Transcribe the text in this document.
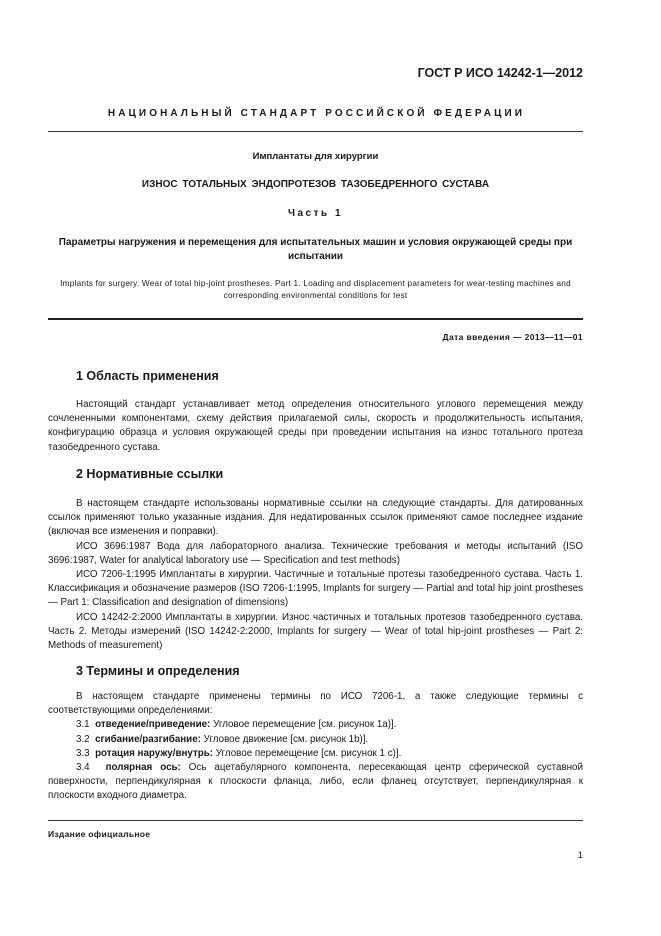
ГОСТ Р ИСО 14242-1—2012
НАЦИОНАЛЬНЫЙ СТАНДАРТ РОССИЙСКОЙ ФЕДЕРАЦИИ
Имплантаты для хирургии
ИЗНОС ТОТАЛЬНЫХ ЭНДОПРОТЕЗОВ ТАЗОБЕДРЕННОГО СУСТАВА
Часть 1
Параметры нагружения и перемещения для испытательных машин и условия окружающей среды при испытании
Implants for surgery. Wear of total hip-joint prostheses. Part 1. Loading and displacement parameters for wear-testing machines and corresponding environmental conditions for test
Дата введения — 2013—11—01
1 Область применения

Настоящий стандарт устанавливает метод определения относительного углового перемещения между сочлененными компонентами, схему действия прилагаемой силы, скорость и продолжительность испытания, конфигурацию образца и условия окружающей среды при проведении испытания на износ тотального протеза тазобедренного сустава.

2 Нормативные ссылки

В настоящем стандарте использованы нормативные ссылки на следующие стандарты. Для датированных ссылок применяют только указанные издания. Для недатированных ссылок применяют самое последнее издание (включая все изменения и поправки).

ИСО 3696:1987 Вода для лабораторного анализа. Технические требования и методы испытаний (ISO 3696:1987, Water for analytical laboratory use — Specification and test methods)

ИСО 7206-1:1995 Имплантаты в хирургии. Частичные и тотальные протезы тазобедренного сустава. Часть 1. Классификация и обозначение размеров (ISO 7206-1:1995, Implants for surgery — Partial and total hip joint prostheses — Part 1: Classification and designation of dimensions)

ИСО 14242-2:2000 Имплантаты в хирургии. Износ частичных и тотальных протезов тазобедренного сустава. Часть 2. Методы измерений (ISO 14242-2:2000, Implants for surgery — Wear of total hip-joint prostheses — Part 2: Methods of measurement)

3 Термины и определения

В настоящем стандарте применены термины по ИСО 7206-1, а также следующие термины с соответствующими определениями:

3.1 отведение/приведение: Угловое перемещение [см. рисунок 1а)].

3.2 сгибание/разгибание: Угловое движение [см. рисунок 1b)].

3.3 ротация наружу/внутрь: Угловое перемещение [см. рисунок 1 с)].

3.4 полярная ось: Ось ацетабулярного компонента, пересекающая центр сферической суставной поверхности, перпендикулярная к плоскости фланца, либо, если фланец отсутствует, перпендикулярная к плоскости входного диаметра.

Издание официальное
1
